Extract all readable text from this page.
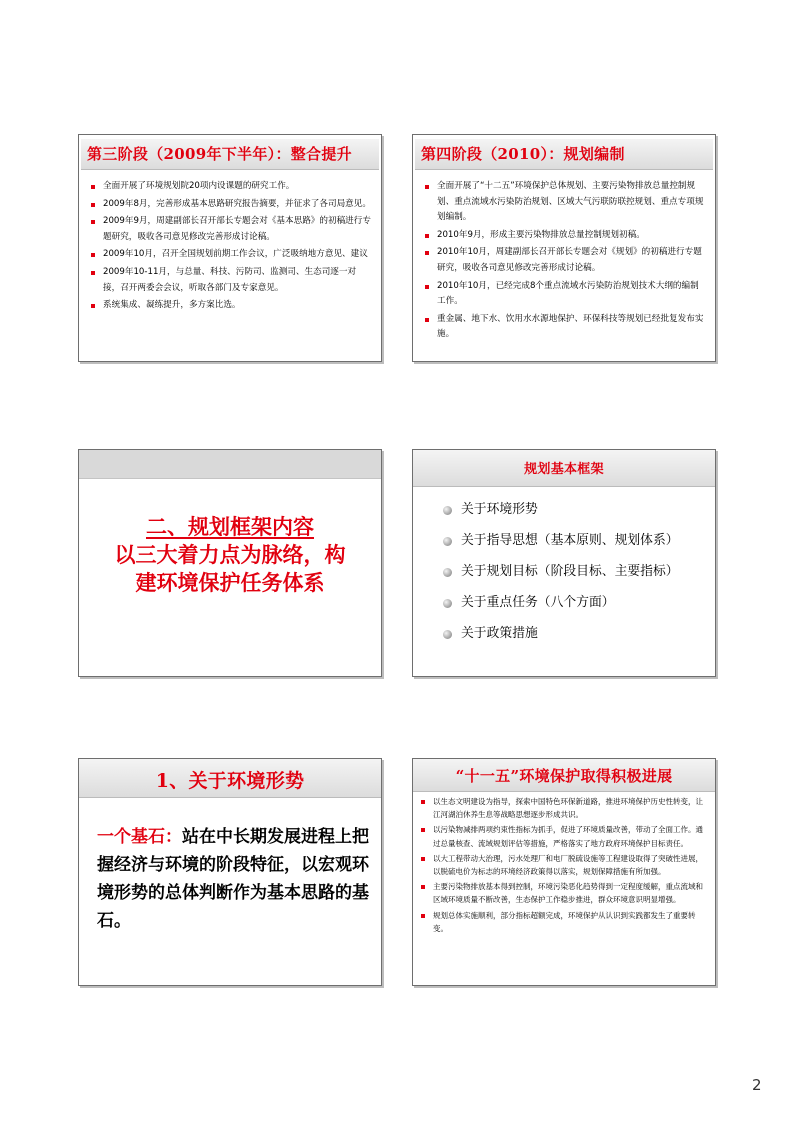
第三阶段（2009年下半年）：整合提升
全面开展了环境规划院20项内设课题的研究工作。
2009年8月，完善形成基本思路研究报告摘要，并征求了各司局意见。
2009年9月，周建副部长召开部长专题会对《基本思路》的初稿进行专题研究，吸收各司意见修改完善形成讨论稿。
2009年10月，召开全国规划前期工作会议，广泛吸纳地方意见、建议
2009年10-11月，与总量、科技、污防司、监测司、生态司逐一对接，召开两委会会议，听取各部门及专家意见。
系统集成、凝练提升，多方案比选。
第四阶段（2010）：规划编制
全面开展了“十二五”环境保护总体规划、主要污染物排放总量控制规划、重点流域水污染防治规划、区域大气污联防联控规划、重点专项规划编制。
2010年9月，形成主要污染物排放总量控制规划初稿。
2010年10月，周建副部长召开部长专题会对《规划》的初稿进行专题研究，吸收各司意见修改完善形成讨论稿。
2010年10月，已经完成8个重点流域水污染防治规划技术大纲的编制工作。
重金属、地下水、饮用水水源地保护、环保科技等规划已经批复发布实施。
二、规划框架内容
以三大着力点为脉络，构
建环境保护任务体系
规划基本框架
关于环境形势
关于指导思想（基本原则、规划体系）
关于规划目标（阶段目标、主要指标）
关于重点任务（八个方面）
关于政策措施
1、关于环境形势
一个基石：站在中长期发展进程上把握经济与环境的阶段特征，以宏观环境形势的总体判断作为基本思路的基石。
“十一五”环境保护取得积极进展
以生态文明建设为指导，探索中国特色环保新道路，推进环境保护历史性转变，让江河湖泊休养生息等战略思想逐步形成共识。
以污染物减排两项约束性指标为抓手，促进了环境质量改善，带动了全面工作。通过总量核查、流域规划评估等措施，严格落实了地方政府环境保护目标责任。
以大工程带动大治理，污水处理厂和电厂脱硫设施等工程建设取得了突破性进展，以脱硫电价为标志的环境经济政策得以落实，规划保障措施有所加强。
主要污染物排放基本得到控制，环境污染恶化趋势得到一定程度缓解，重点流域和区域环境质量不断改善，生态保护工作稳步推进，群众环境意识明显增强。
规划总体实施顺利，部分指标超额完成，环境保护从认识到实践都发生了重要转变。
2
